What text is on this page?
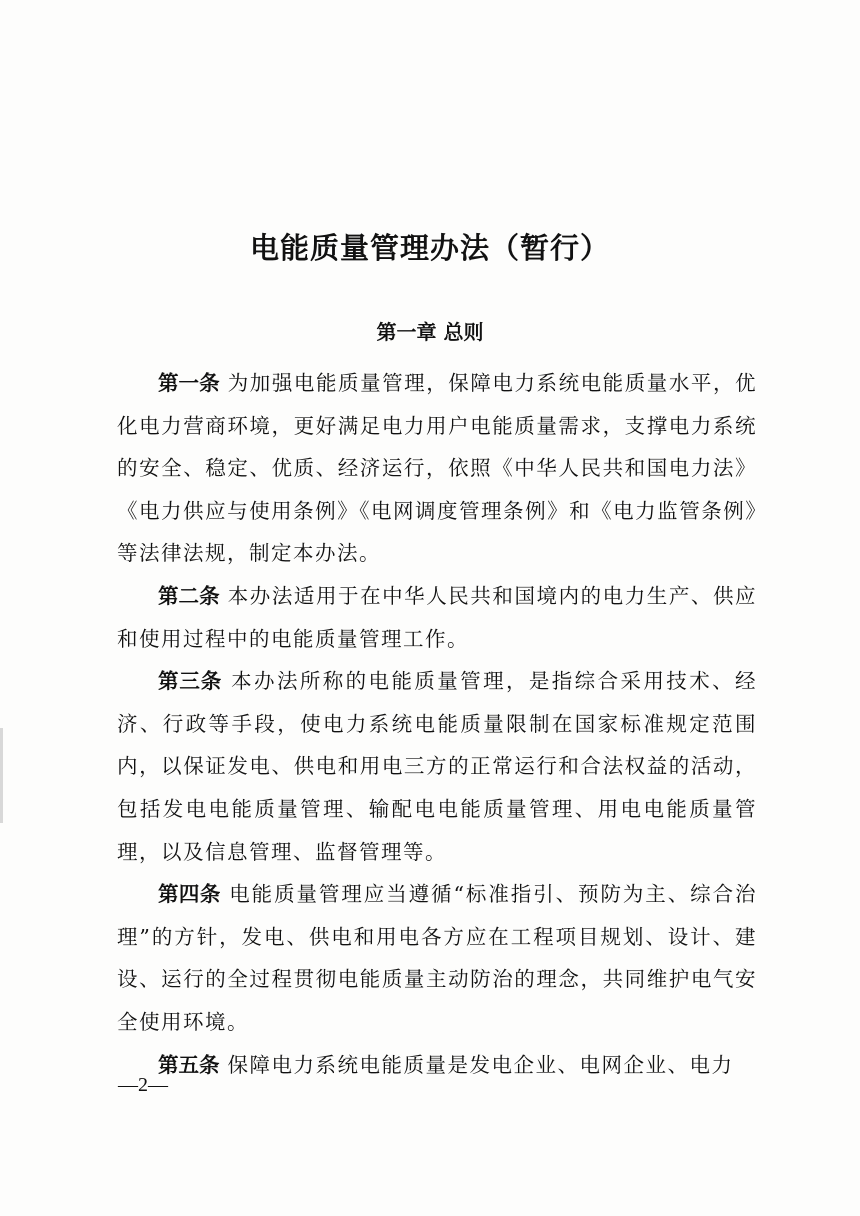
电能质量管理办法（暂行）
第一章 总则
第一条 为加强电能质量管理，保障电力系统电能质量水平，优化电力营商环境，更好满足电力用户电能质量需求，支撑电力系统的安全、稳定、优质、经济运行，依照《中华人民共和国电力法》《电力供应与使用条例》《电网调度管理条例》和《电力监管条例》等法律法规，制定本办法。
第二条 本办法适用于在中华人民共和国境内的电力生产、供应和使用过程中的电能质量管理工作。
第三条 本办法所称的电能质量管理，是指综合采用技术、经济、行政等手段，使电力系统电能质量限制在国家标准规定范围内，以保证发电、供电和用电三方的正常运行和合法权益的活动，包括发电电能质量管理、输配电电能质量管理、用电电能质量管理，以及信息管理、监督管理等。
第四条 电能质量管理应当遵循“标准指引、预防为主、综合治理”的方针，发电、供电和用电各方应在工程项目规划、设计、建设、运行的全过程贯彻电能质量主动防治的理念，共同维护电气安全使用环境。
第五条 保障电力系统电能质量是发电企业、电网企业、电力
—2—
